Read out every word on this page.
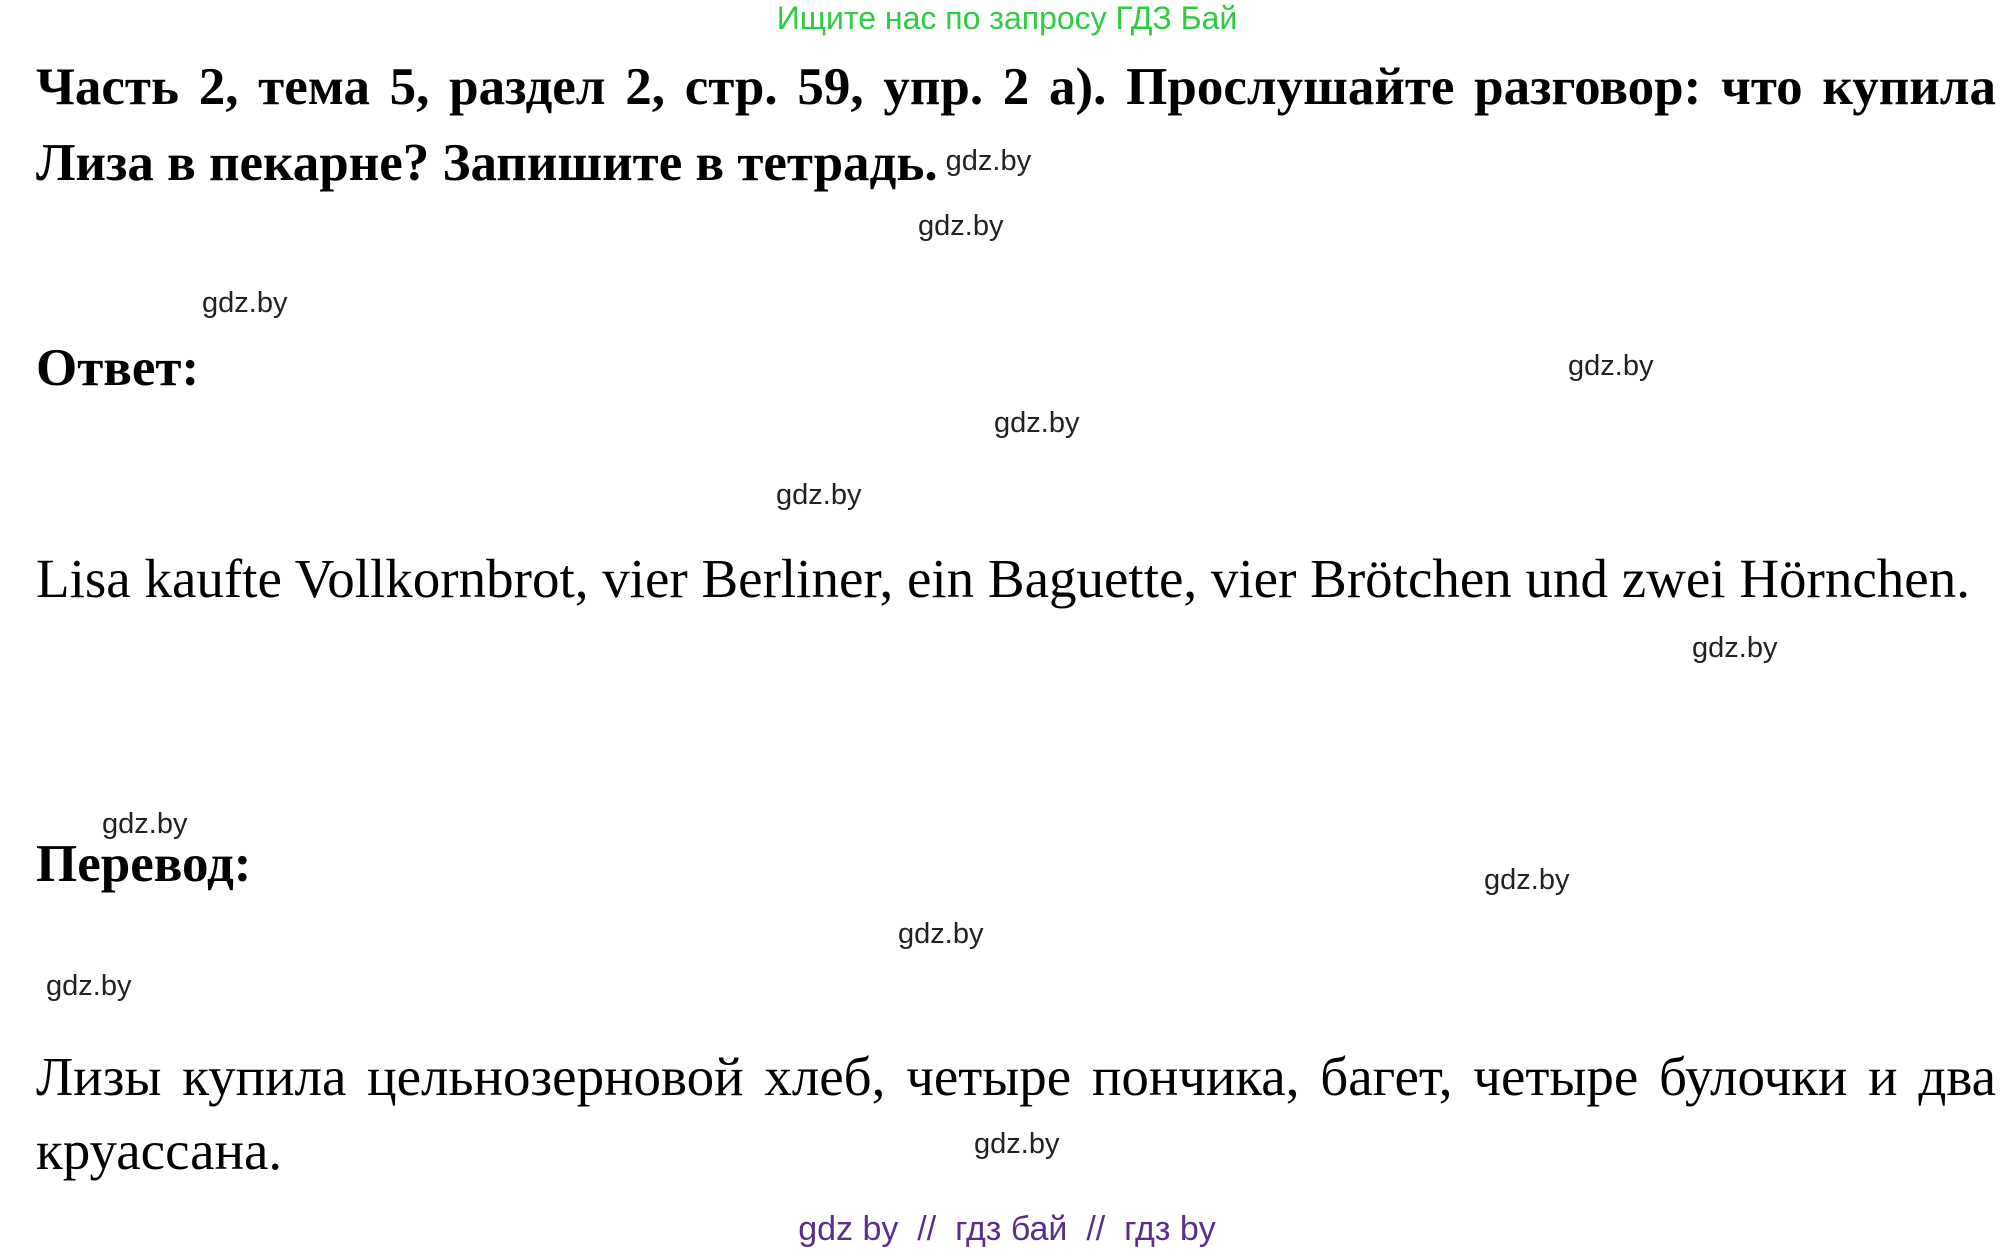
Ищите нас по запросу ГДЗ Бай
Часть 2, тема 5, раздел 2, стр. 59, упр. 2 а). Прослушайте разговор: что купила Лиза в пекарне? Запишите в тетрадь. gdz.by
Ответ:
Lisa kaufte Vollkornbrot, vier Berliner, ein Baguette, vier Brötchen und zwei Hörnchen.
Перевод:
Лизы купила цельнозерновой хлеб, четыре пончика, багет, четыре булочки и два круассана.
gdz.by
gdz.by
gdz.by
gdz.by
gdz.by
gdz.by
gdz.by
gdz.by
gdz.by
gdz.by
gdz.by
gdz by  //  гдз бай  //  гдз by
